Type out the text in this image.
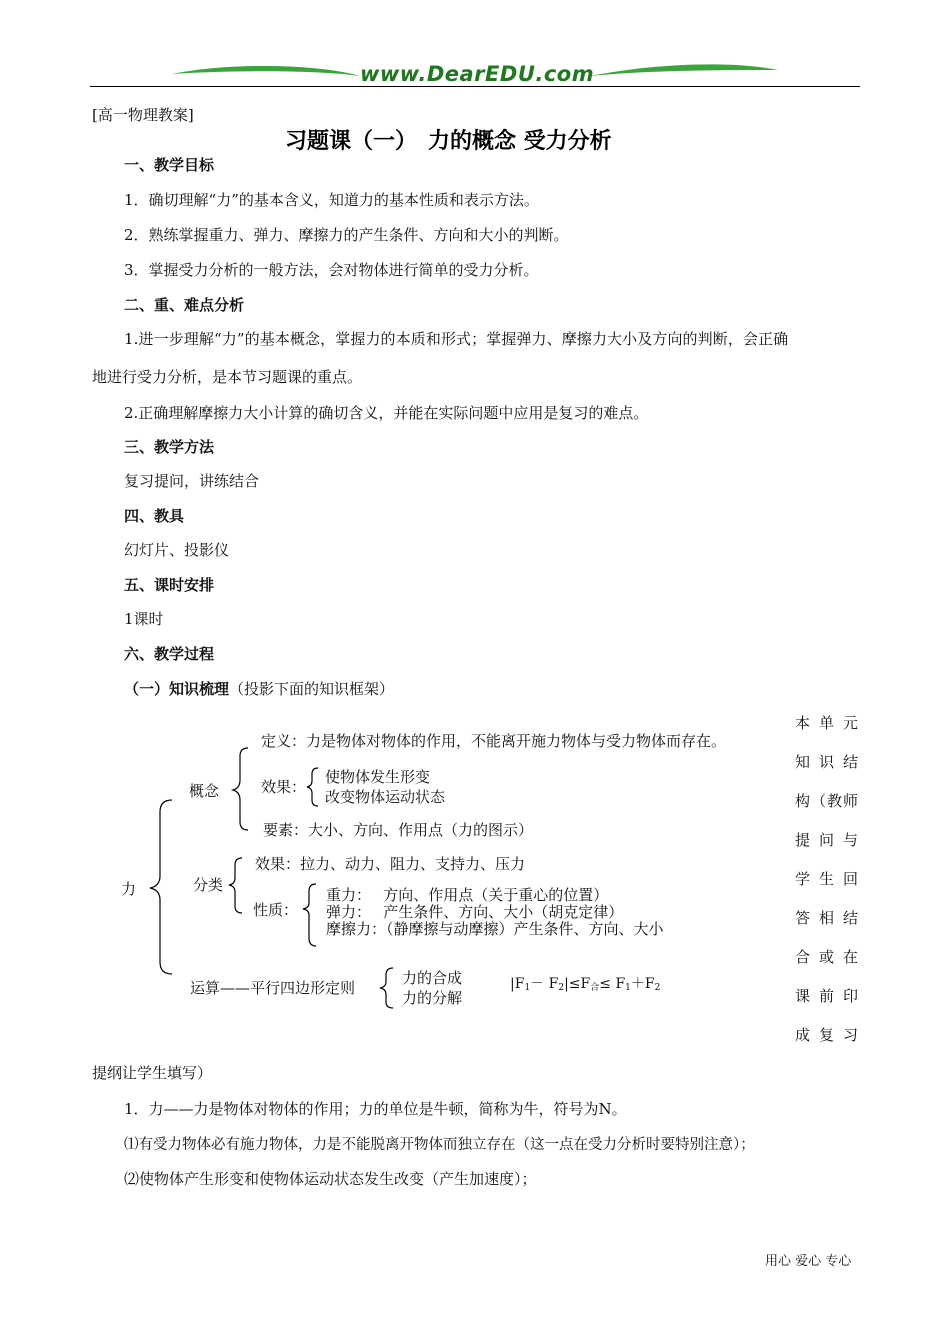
www.DearEDU.com
[高一物理教案]
习题课（一）　力的概念 受力分析
一、教学目标
1．确切理解“力”的基本含义，知道力的基本性质和表示方法。
2．熟练掌握重力、弹力、摩擦力的产生条件、方向和大小的判断。
3．掌握受力分析的一般方法，会对物体进行简单的受力分析。
二、重、难点分析
1.进一步理解“力”的基本概念，掌握力的本质和形式；掌握弹力、摩擦力大小及方向的判断，会正确
地进行受力分析，是本节习题课的重点。
2.正确理解摩擦力大小计算的确切含义，并能在实际问题中应用是复习的难点。
三、教学方法
复习提问，讲练结合
四、教具
幻灯片、投影仪
五、课时安排
1课时
六、教学过程
（一）知识梳理（投影下面的知识框架）
力
概念
定义：力是物体对物体的作用，不能离开施力物体与受力物体而存在。
效果：
使物体发生形变
改变物体运动状态
要素：大小、方向、作用点（力的图示）
分类
效果：拉力、动力、阻力、支持力、压力
性质：
重力：　 方向、作用点（关于重心的位置）
弹力：　 产生条件、方向、大小（胡克定律）
摩擦力：（静摩擦与动摩擦）产生条件、方向、大小
运算——平行四边形定则
力的合成
力的分解
$|F_1- F_2|\le F_合\le F_1+F_2$
本单元
知识结
构（教师
提问与
学生回
答相结
合或在
课前印
成复习
提纲让学生填写）
1．力——力是物体对物体的作用；力的单位是牛顿，简称为牛，符号为N。
⑴有受力物体必有施力物体，力是不能脱离开物体而独立存在（这一点在受力分析时要特别注意）；
⑵使物体产生形变和使物体运动状态发生改变（产生加速度）；
用心 爱心 专心
